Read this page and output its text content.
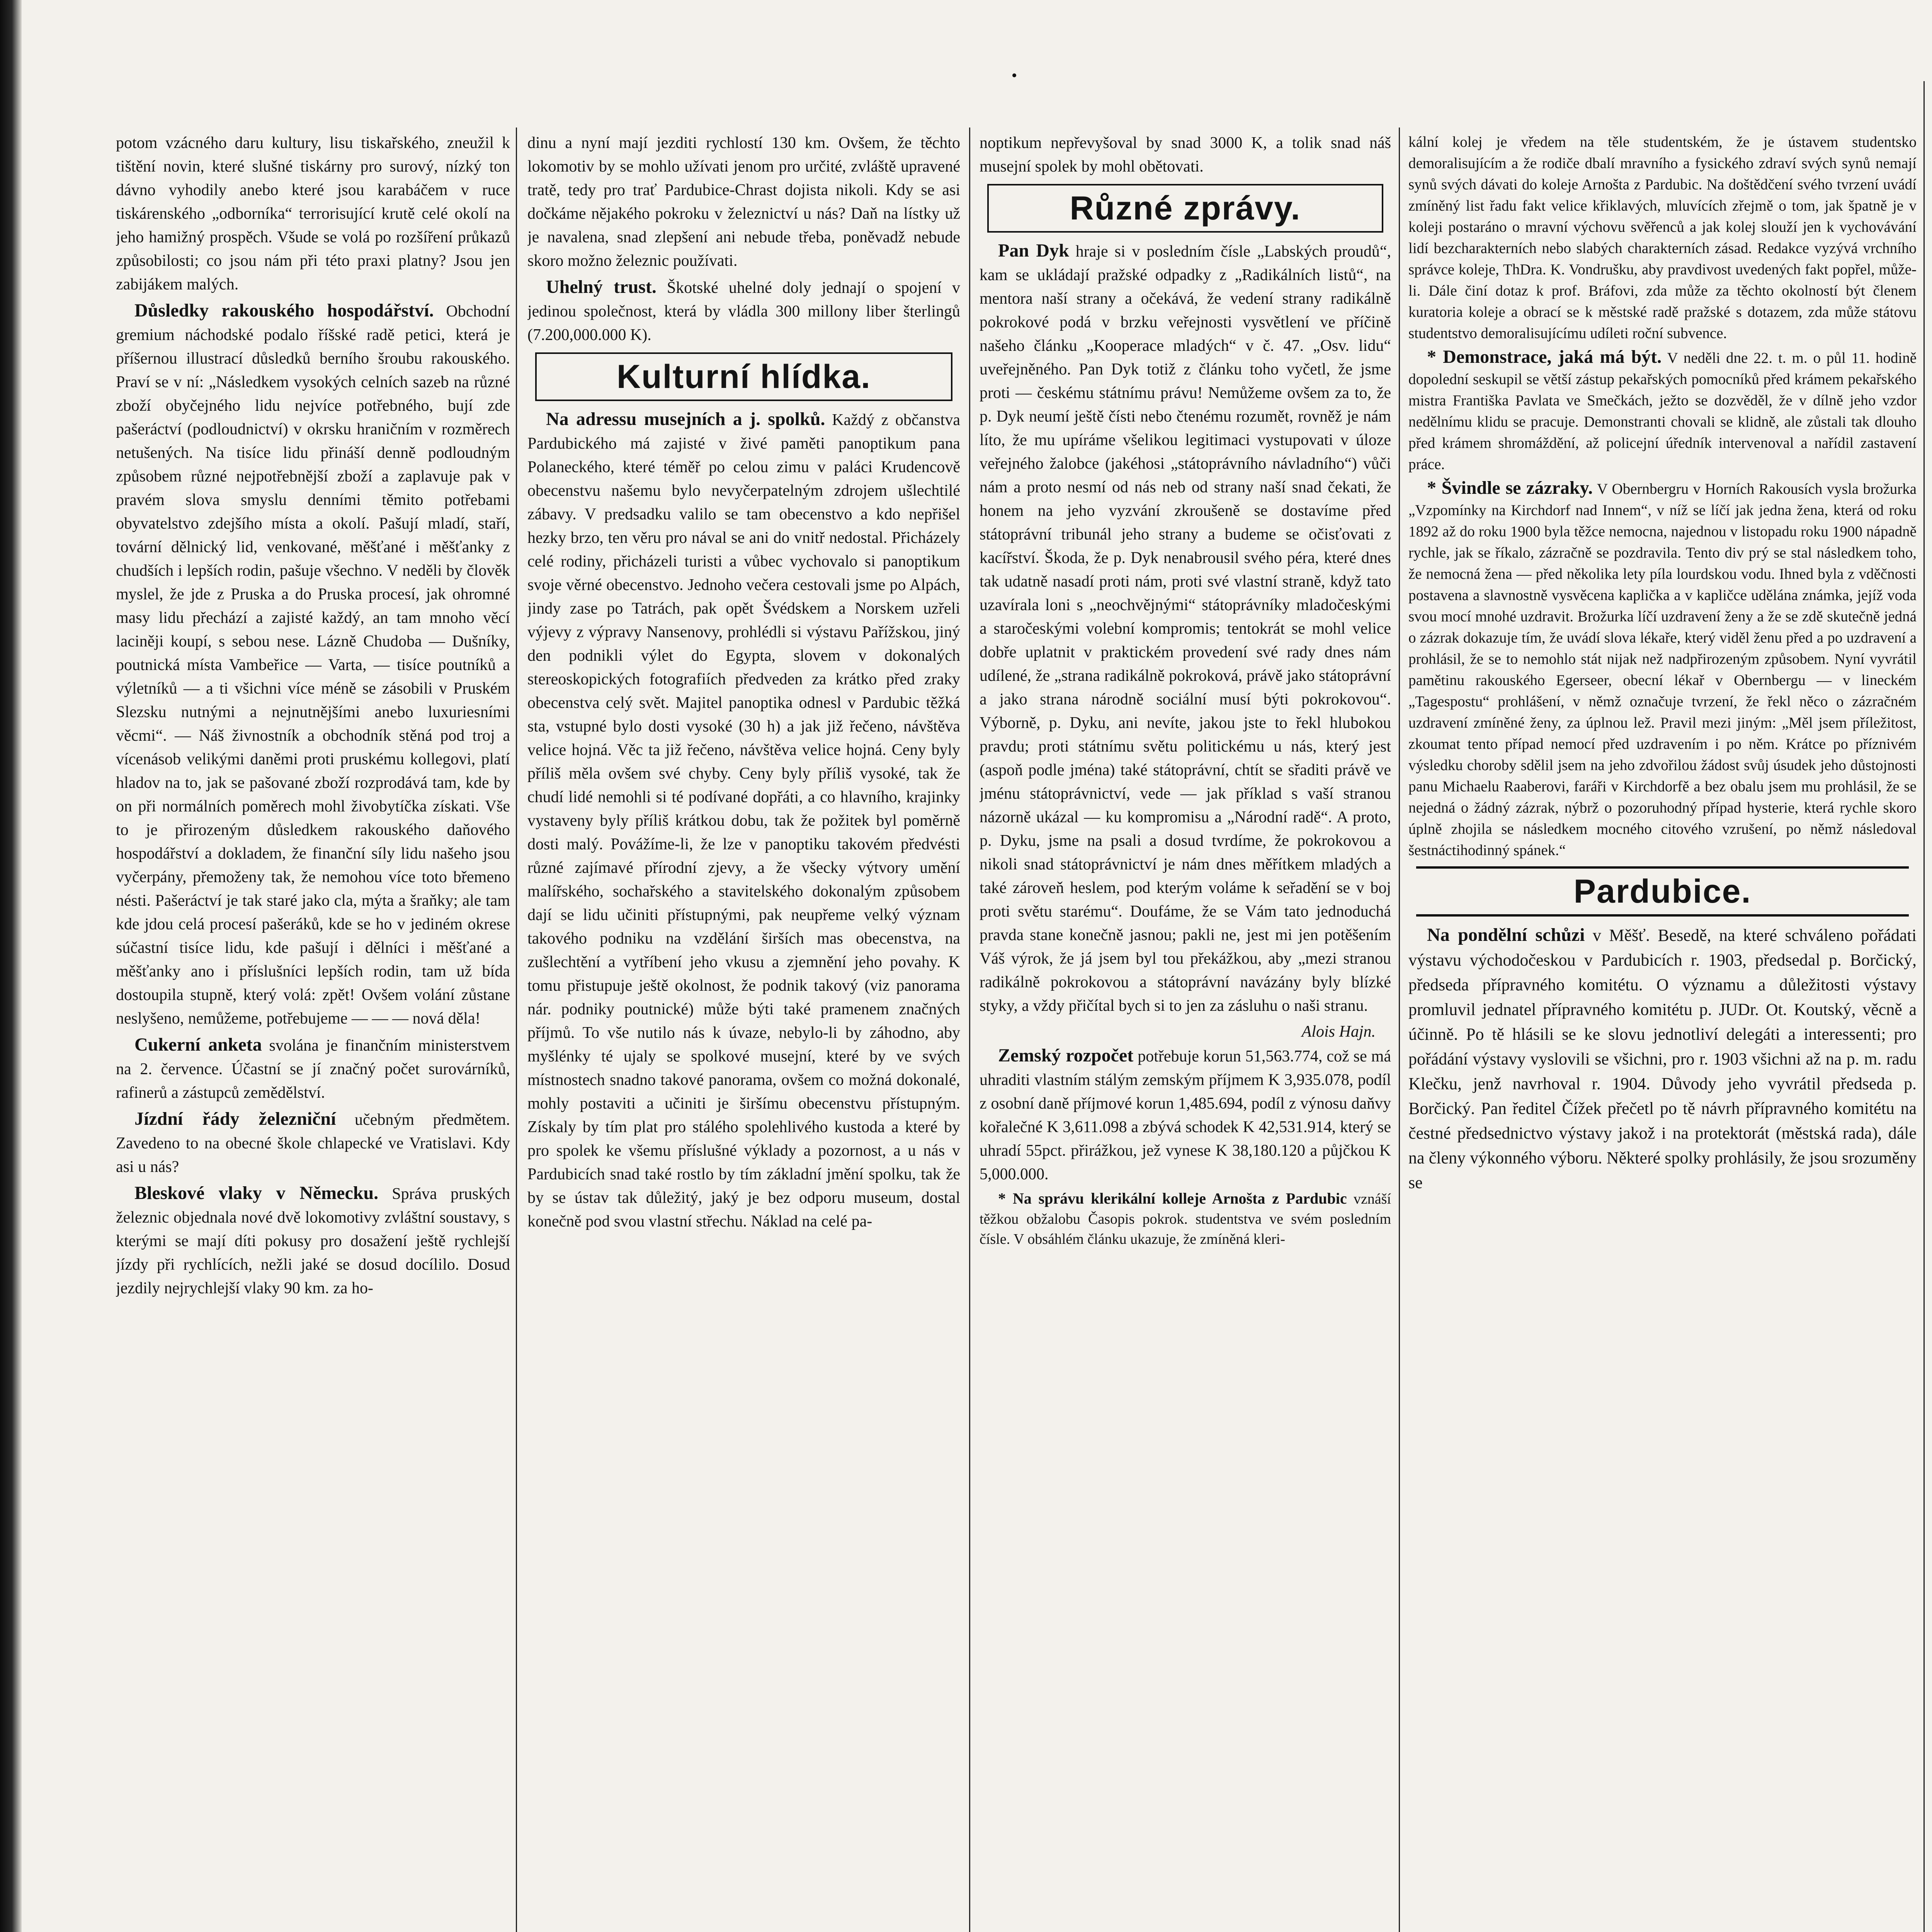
potom vzácného daru kultury, lisu tiskařského, zneužil k tištění novin, které slušné tiskárny pro surový, nízký ton dávno vyhodily anebo které jsou karabáčem v ruce tiskárenského „odborníka“ terrorisující krutě celé okolí na jeho hamižný prospěch. Všude se volá po rozšíření průkazů způsobilosti; co jsou nám při této praxi platny? Jsou jen zabijákem malých.

Důsledky rakouského hospodářství. Obchodní gremium náchodské podalo říšské radě petici, která je příšernou illustrací důsledků berního šroubu rakouského. Praví se v ní: „Následkem vysokých celních sazeb na různé zboží obyčejného lidu nejvíce potřebného, bují zde pašeráctví (podloudnictví) v okrsku hraničním v rozměrech netušených. Na tisíce lidu přináší denně podloudným způsobem různé nejpotřebnější zboží a zaplavuje pak v pravém slova smyslu denními těmito potřebami obyvatelstvo zdejšího místa a okolí. Pašují mladí, staří, tovární dělnický lid, venkované, měšťané i měšťanky z chudších i lepších rodin, pašuje všechno. V neděli by člověk myslel, že jde z Pruska a do Pruska procesí, jak ohromné masy lidu přechází a zajisté každý, an tam mnoho věcí laciněji koupí, s sebou nese. Lázně Chudoba — Dušníky, poutnická místa Vambeřice — Varta, — tisíce poutníků a výletníků — a ti všichni více méně se zásobili v Pruském Slezsku nutnými a nejnutnějšími anebo luxuriesními věcmi“. — Náš živnostník a obchodník stěná pod troj a vícenásob velikými daněmi proti pruskému kollegovi, platí hladov na to, jak se pašované zboží rozprodává tam, kde by on při normálních poměrech mohl živobytíčka získati. Vše to je přirozeným důsledkem rakouského daňového hospodářství a dokladem, že finanční síly lidu našeho jsou vyčerpány, přemoženy tak, že nemohou více toto břemeno nésti. Pašeráctví je tak staré jako cla, mýta a šraňky; ale tam kde jdou celá procesí pašeráků, kde se ho v jediném okrese súčastní tisíce lidu, kde pašují i dělníci i měšťané a měšťanky ano i příslušníci lepších rodin, tam už bída dostoupila stupně, který volá: zpět! Ovšem volání zůstane neslyšeno, nemůžeme, potřebujeme — — — nová děla!

Cukerní anketa svolána je finančním ministerstvem na 2. července. Účastní se jí značný počet surovárníků, rafinerů a zástupců zemědělství.

Jízdní řády železniční učebným předmětem. Zavedeno to na obecné škole chlapecké ve Vratislavi. Kdy asi u nás?

Bleskové vlaky v Německu. Správa pruských železnic objednala nové dvě lokomotivy zvláštní soustavy, s kterými se mají díti pokusy pro dosažení ještě rychlejší jízdy při rychlících, nežli jaké se dosud docílilo. Dosud jezdily nejrychlejší vlaky 90 km. za ho-

dinu a nyní mají jezditi rychlostí 130 km. Ovšem, že těchto lokomotiv by se mohlo užívati jenom pro určité, zvláště upravené tratě, tedy pro trať Pardubice-Chrast dojista nikoli. Kdy se asi dočkáme nějakého pokroku v železnictví u nás? Daň na lístky už je navalena, snad zlepšení ani nebude třeba, poněvadž nebude skoro možno železnic používati.

Uhelný trust. Škotské uhelné doly jednají o spojení v jedinou společnost, která by vládla 300 millony liber šterlingů (7.200,000.000 K).

Kulturní hlídka.

Na adressu musejních a j. spolků. Každý z občanstva Pardubického má zajisté v živé paměti panoptikum pana Polaneckého, které téměř po celou zimu v paláci Krudencově obecenstvu našemu bylo nevyčerpatelným zdrojem ušlechtilé zábavy. V predsadku valilo se tam obecenstvo a kdo nepřišel hezky brzo, ten věru pro nával se ani do vnitř nedostal. Přicházely celé rodiny, přicházeli turisti a vůbec vychovalo si panoptikum svoje věrné obecenstvo. Jednoho večera cestovali jsme po Alpách, jindy zase po Tatrách, pak opět Švédskem a Norskem uzřeli výjevy z výpravy Nansenovy, prohlédli si výstavu Pařížskou, jiný den podnikli výlet do Egypta, slovem v dokonalých stereoskopických fotografiích předveden za krátko před zraky obecenstva celý svět. Majitel panoptika odnesl v Pardubic těžká sta, vstupné bylo dosti vysoké (30 h) a jak již řečeno, návštěva velice hojná. Věc ta již řečeno, návštěva velice hojná. Ceny byly příliš měla ovšem své chyby. Ceny byly příliš vysoké, tak že chudí lidé nemohli si té podívané dopřáti, a co hlavního, krajinky vystaveny byly příliš krátkou dobu, tak že požitek byl poměrně dosti malý. Povážíme-li, že lze v panoptiku takovém předvésti různé zajímavé přírodní zjevy, a že všecky výtvory umění malířského, sochařského a stavitelského dokonalým způsobem dají se lidu učiniti přístupnými, pak neupřeme velký význam takového podniku na vzdělání širších mas obecenstva, na zušlechtění a vytříbení jeho vkusu a zjemnění jeho povahy. K tomu přistupuje ještě okolnost, že podnik takový (viz panorama nár. podniky poutnické) může býti také pramenem značných příjmů. To vše nutilo nás k úvaze, nebylo-li by záhodno, aby myšlénky té ujaly se spolkové musejní, které by ve svých místnostech snadno takové panorama, ovšem co možná dokonalé, mohly postaviti a učiniti je širšímu obecenstvu přístupným. Získaly by tím plat pro stálého spolehlivého kustoda a které by pro spolek ke všemu příslušné výklady a pozornost, a u nás v Pardubicích snad také rostlo by tím základní jmění spolku, tak že by se ústav tak důležitý, jaký je bez odporu museum, dostal konečně pod svou vlastní střechu. Náklad na celé pa-

noptikum nepřevyšoval by snad 3000 K, a tolik snad náš musejní spolek by mohl obětovati.

Různé zprávy.

Pan Dyk hraje si v posledním čísle „Labských proudů“, kam se ukládají pražské odpadky z „Radikálních listů“, na mentora naší strany a očekává, že vedení strany radikálně pokrokové podá v brzku veřejnosti vysvětlení ve příčině našeho článku „Kooperace mladých“ v č. 47. „Osv. lidu“ uveřejněného. Pan Dyk totiž z článku toho vyčetl, že jsme proti — českému státnímu právu! Nemůžeme ovšem za to, že p. Dyk neumí ještě čísti nebo čtenému rozumět, rovněž je nám líto, že mu upíráme všelikou legitimaci vystupovati v úloze veřejného žalobce (jakéhosi „státoprávního návladního“) vůči nám a proto nesmí od nás neb od strany naší snad čekati, že honem na jeho vyzvání zkroušeně se dostavíme před státoprávní tribunál jeho strany a budeme se očisťovati z kacířství. Škoda, že p. Dyk nenabrousil svého péra, které dnes tak udatně nasadí proti nám, proti své vlastní straně, když tato uzavírala loni s „neochvějnými“ státoprávníky mladočeskými a staročeskými volební kompromis; tentokrát se mohl velice dobře uplatnit v praktickém provedení své rady dnes nám udílené, že „strana radikálně pokroková, právě jako státoprávní a jako strana národně sociální musí býti pokrokovou“. Výborně, p. Dyku, ani nevíte, jakou jste to řekl hlubokou pravdu; proti státnímu světu politickému u nás, který jest (aspoň podle jména) také státoprávní, chtít se sřaditi právě ve jménu státoprávnictví, vede — jak příklad s vaší stranou názorně ukázal — ku kompromisu a „Národní radě“. A proto, p. Dyku, jsme na psali a dosud tvrdíme, že pokrokovou a nikoli snad státoprávnictví je nám dnes měřítkem mladých a také zároveň heslem, pod kterým voláme k seřadění se v boj proti světu starému“. Doufáme, že se Vám tato jednoduchá pravda stane konečně jasnou; pakli ne, jest mi jen potěšením Váš výrok, že já jsem byl tou překážkou, aby „mezi stranou radikálně pokrokovou a státoprávní navázány byly blízké styky, a vždy přičítal bych si to jen za zásluhu o naši stranu.

Alois Hajn.

Zemský rozpočet potřebuje korun 51,563.774, což se má uhraditi vlastním stálým zemským příjmem K 3,935.078, podíl z osobní daně příjmové korun 1,485.694, podíl z výnosu daňvy kořalečné K 3,611.098 a zbývá schodek K 42,531.914, který se uhradí 55pct. přirážkou, jež vynese K 38,180.120 a půjčkou K 5,000.000.

* Na správu klerikální kolleje Arnošta z Pardubic vznáší těžkou obžalobu Časopis pokrok. studentstva ve svém posledním čísle. V obsáhlém článku ukazuje, že zmíněná kleri-

kální kolej je vředem na těle studentském, že je ústavem studentsko demoralisujícím a že rodiče dbalí mravního a fysického zdraví svých synů nemají synů svých dávati do koleje Arnošta z Pardubic. Na doštědčení svého tvrzení uvádí zmíněný list řadu fakt velice křiklavých, mluvících zřejmě o tom, jak špatně je v koleji postaráno o mravní výchovu svěřenců a jak kolej slouží jen k vychovávání lidí bezcharakterních nebo slabých charakterních zásad. Redakce vyzývá vrchního správce koleje, ThDra. K. Vondrušku, aby pravdivost uvedených fakt popřel, může-li. Dále činí dotaz k prof. Bráfovi, zda může za těchto okolností být členem kuratoria koleje a obrací se k městské radě pražské s dotazem, zda může státovu studentstvo demoralisujícímu udíleti roční subvence.

* Demonstrace, jaká má být. V neděli dne 22. t. m. o půl 11. hodině dopolední seskupil se větší zástup pekařských pomocníků před krámem pekařského mistra Františka Pavlata ve Smečkách, ježto se dozvěděl, že v dílně jeho vzdor nedělnímu klidu se pracuje. Demonstranti chovali se klidně, ale zůstali tak dlouho před krámem shromáždění, až policejní úředník intervenoval a nařídil zastavení práce.

* Švindle se zázraky. V Obernbergru v Horních Rakousích vysla brožurka „Vzpomínky na Kirchdorf nad Innem“, v níž se líčí jak jedna žena, která od roku 1892 až do roku 1900 byla těžce nemocna, najednou v listopadu roku 1900 nápadně rychle, jak se říkalo, zázračně se pozdravila. Tento div prý se stal následkem toho, že nemocná žena — před několika lety píla lourdskou vodu. Ihned byla z vděčnosti postavena a slavnostně vysvěcena kaplička a v kapličce udělána známka, jejíž voda svou mocí mnohé uzdravit. Brožurka líčí uzdravení ženy a že se zdě skutečně jedná o zázrak dokazuje tím, že uvádí slova lékaře, který viděl ženu před a po uzdravení a prohlásil, že se to nemohlo stát nijak než nadpřirozeným způsobem. Nyní vyvrátil pamětinu rakouského Egerseer, obecní lékař v Obernbergu — v lineckém „Tagespostu“ prohlášení, v němž označuje tvrzení, že řekl něco o zázračném uzdravení zmíněné ženy, za úplnou lež. Pravil mezi jiným: „Měl jsem příležitost, zkoumat tento případ nemocí před uzdravením i po něm. Krátce po příznivém výsledku choroby sdělil jsem na jeho zdvořilou žádost svůj úsudek jeho důstojnosti panu Michaelu Raaberovi, faráři v Kirchdorfě a bez obalu jsem mu prohlásil, že se nejedná o žádný zázrak, nýbrž o pozoruhodný případ hysterie, která rychle skoro úplně zhojila se následkem mocného citového vzrušení, po němž následoval šestnáctihodinný spánek.“

Pardubice.

Na pondělní schůzi v Měšť. Besedě, na které schváleno pořádati výstavu východočeskou v Pardubicích r. 1903, předsedal p. Borčický, předseda přípravného komitétu. O významu a důležitosti výstavy promluvil jednatel přípravného komitétu p. JUDr. Ot. Koutský, věcně a účinně. Po tě hlásili se ke slovu jednotliví delegáti a interessenti; pro pořádání výstavy vyslovili se všichni, pro r. 1903 všichni až na p. m. radu Klečku, jenž navrhoval r. 1904. Důvody jeho vyvrátil předseda p. Borčický. Pan ředitel Čížek přečetl po tě návrh přípravného komitétu na čestné předsednictvo výstavy jakož i na protektorát (městská rada), dále na členy výkonného výboru. Některé spolky prohlásily, že jsou srozuměny se
